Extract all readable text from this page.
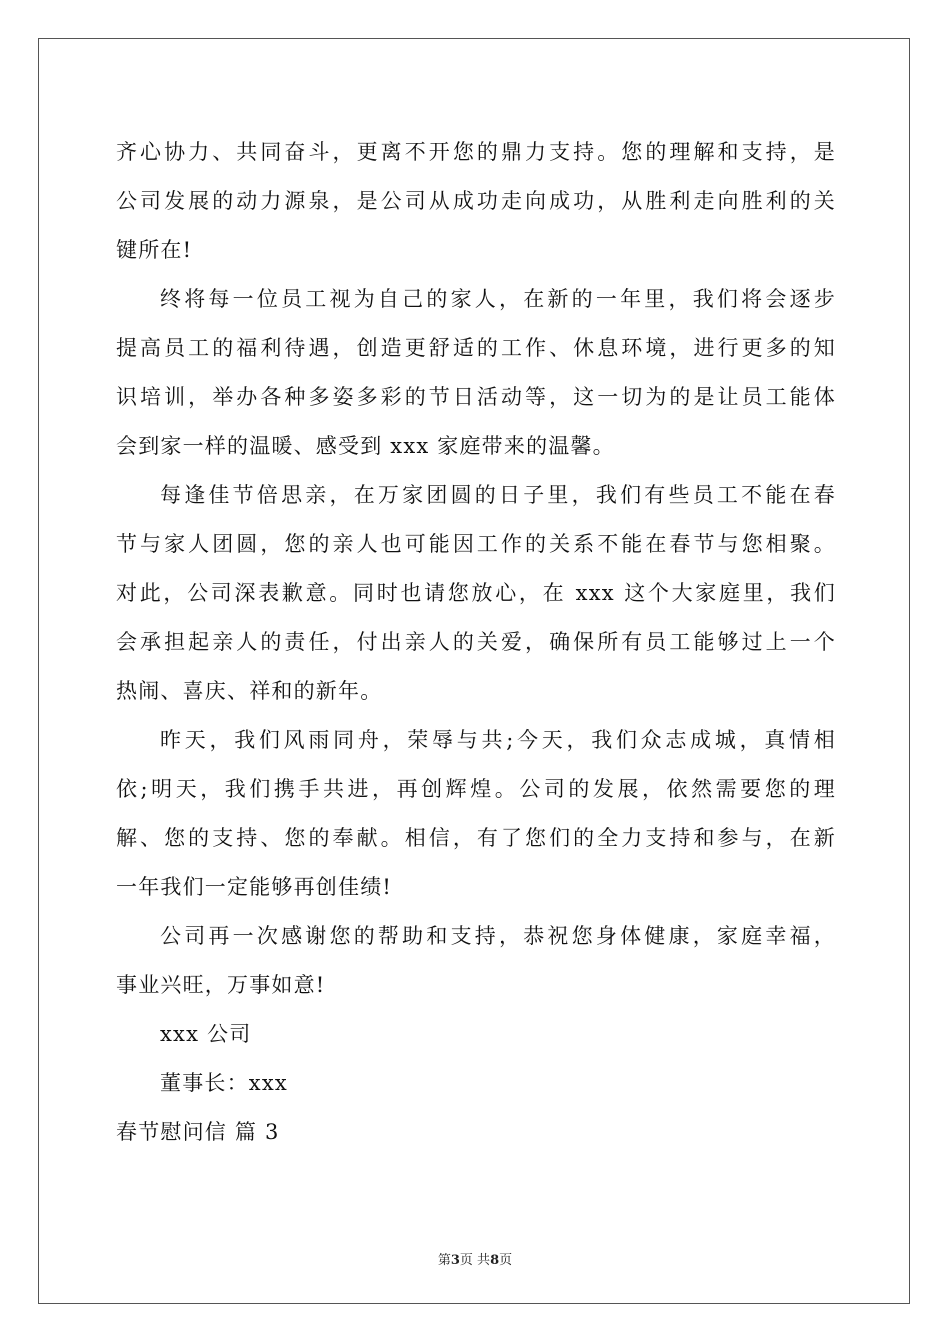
齐心协力、共同奋斗，更离不开您的鼎力支持。您的理解和支持，是
公司发展的动力源泉，是公司从成功走向成功，从胜利走向胜利的关
键所在!
终将每一位员工视为自己的家人，在新的一年里，我们将会逐步
提高员工的福利待遇，创造更舒适的工作、休息环境，进行更多的知
识培训，举办各种多姿多彩的节日活动等，这一切为的是让员工能体
会到家一样的温暖、感受到 xxx 家庭带来的温馨。
每逢佳节倍思亲，在万家团圆的日子里，我们有些员工不能在春
节与家人团圆，您的亲人也可能因工作的关系不能在春节与您相聚。
对此，公司深表歉意。同时也请您放心，在 xxx 这个大家庭里，我们
会承担起亲人的责任，付出亲人的关爱，确保所有员工能够过上一个
热闹、喜庆、祥和的新年。
昨天，我们风雨同舟，荣辱与共;今天，我们众志成城，真情相
依;明天，我们携手共进，再创辉煌。公司的发展，依然需要您的理
解、您的支持、您的奉献。相信，有了您们的全力支持和参与，在新
一年我们一定能够再创佳绩!
公司再一次感谢您的帮助和支持，恭祝您身体健康，家庭幸福，
事业兴旺，万事如意!
xxx 公司
董事长：xxx
春节慰问信 篇 3
第3页 共8页
